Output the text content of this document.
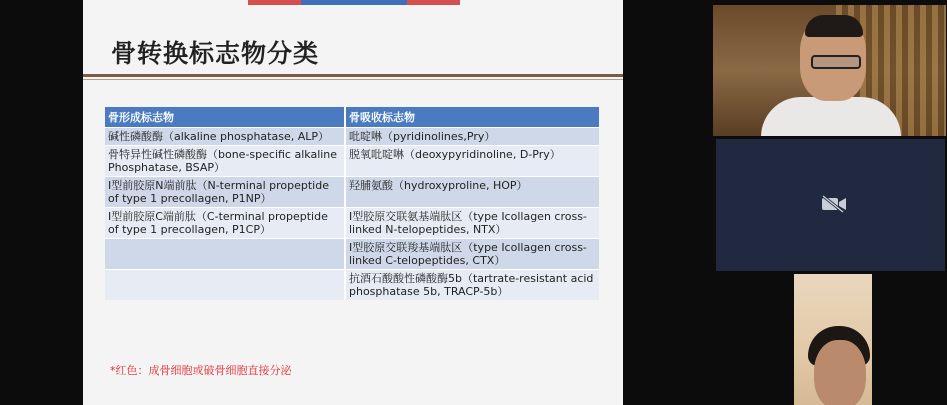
骨转换标志物分类
骨形成标志物	骨吸收标志物
碱性磷酸酶（alkaline phosphatase, ALP）	吡啶啉（pyridinolines,Pry）
骨特异性碱性磷酸酶（bone-specific alkaline Phosphatase, BSAP）	脱氧吡啶啉（deoxypyridinoline, D-Pry）
Ⅰ型前胶原N端前肽（N-terminal propeptide of type 1 precollagen, P1NP）	羟脯氨酸（hydroxyproline, HOP）
Ⅰ型前胶原C端前肽（C-terminal propeptide of type 1 precollagen, P1CP）	Ⅰ型胶原交联氨基端肽区（type Ⅰcollagen cross-linked N-telopeptides, NTX）
	Ⅰ型胶原交联羧基端肽区（type Ⅰcollagen cross-linked C-telopeptides, CTX）
	抗酒石酸酸性磷酸酶5b（tartrate-resistant acid phosphatase 5b, TRACP-5b）
*红色：成骨细胞或破骨细胞直接分泌
